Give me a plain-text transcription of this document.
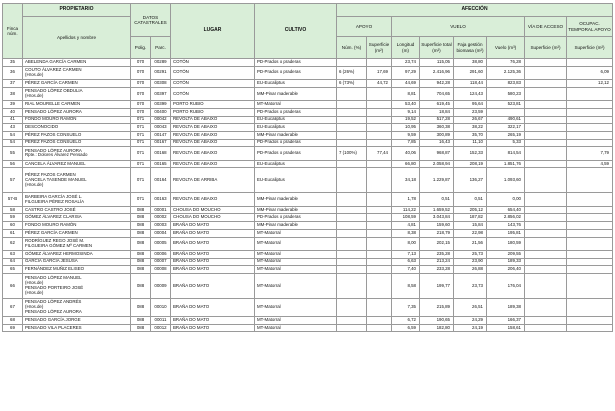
Finca núm.	PROPIETARIO	DATOS CATASTRALES		LUGAR	CULTIVO	AFECCIÓN							
	Apellidos y nombre					APOYO		VUELO				VÍA DE ACCESO	OCUPAC. TEMPORAL APOYO
		Polig.	Parc.			Núm. (%)	Superficie (m²)	Longitud (m)	Superficie total (m²)	Faja gestión biomasa (m²)	Vuelo (m³)	Superficie (m²)	Superficie (m²)
35	ABELENDA GARCÍA CARMEN	070	00289	COTÓN	PD-Prados o praderas			23,74	115,05	38,80	76,28		
36	COUTO ÁLVAREZ CARMEN
(Hros.de)	070	00291	COTÓN	PD-Prados o praderas	6 (26%)	17,69	97,29	2.416,96	291,60	2.125,36		6,09
37	PÉREZ GARCÍA CARMEN	070	00308	COTÓN	EU-Eucaliptus	6 (73%)	44,72	44,69	942,28	118,44	823,83		12,12
38	PENSADO LÓPEZ OBDULIA
(Hros.de)	070	00397	COTÓN	MM-Pinar maderable			8,81	704,65	124,43	580,23		
39	RIAL MOURELLE CARMEN	070	00399	PORTO RUBIO	MT-Matorral			53,40	619,45	95,64	523,81		
40	PENSADO LÓPEZ AURORA	070	00400	PORTO RUBIO	PD-Prados o praderas			9,14	18,84	23,59			
41	FONDO MOURO RAMÓN	071	00042	REVOLTA DE ABAIXO	EU-Eucaliptus			19,52	517,28	26,67	490,61		
43	DESCONOCIDO	071	00043	REVOLTA DE ABAIXO	EU-Eucaliptus			10,95	360,38	38,22	322,17		
54	PÉREZ PAZOS CONSUELO	071	00147	REVOLTA DE ABAIXO	MM-Pinar maderable			9,59	300,89	35,70	265,19		
54	PÉREZ PAZOS CONSUELO	071	00167	REVOLTA DE ABAIXO	PD-Prados o praderas			7,85	16,43	11,10	5,33		
55	PENSADO LÓPEZ AURORA
Rpte.: Dolores Álvarez Pensado	071	00168	REVOLTA DE ABAIXO	PD-Prados o praderas	7 (100%)	77,44	40,06	968,87	152,33	814,54		7,79
56	CANCELA ÁLVAREZ MANUEL	071	00165	REVOLTA DE ABAIXO	EU-Eucaliptus			66,80	2.058,94	208,19	1.851,76		4,59
57	PÉREZ PAZOS CARMEN
CANCELA TASENDE MANUEL
(Hros.de)	071	00164	REVOLTA DE ARRIBA	EU-Eucaliptus			34,18	1.229,87	136,27	1.093,60		
57-B	BARBEIRA GARCÍA JOSÉ L.
FILGUEIRA PÉREZ ROSALÍA	071	00163	REVOLTA DE ABAIXO	MM-Pinar maderable			1,78	0,51	0,51	0,00		
58	CASTRO CASTRO JOSÉ	088	00001	CHOUSA DO MOUCHO	MM-Pinar maderable			114,22	1.659,52	205,12	654,40		
59	GÓMEZ ÁLVAREZ CLARISA	088	00002	CHOUSA DO MOUCHO	PD-Prados o praderas			108,59	3.043,84	187,82	2.856,02		
60	FONDO MOURO RAMÓN	088	00003	BRAÑA DO MATO	MM-Pinar maderable			4,81	159,60	15,84	143,76		
61	PÉREZ GARCÍA CARMEN	088	00004	BRAÑA DO MATO	MT-Matorral			8,38	218,79	22,98	195,81		
62	RODRÍGUEZ REGO JOSÉ M.
FILGUEIRA GÓMEZ Mª CARMEN	088	00005	BRAÑA DO MATO	MT-Matorral			8,00	202,15	21,56	180,59		
63	GÓMEZ ÁLVAREZ HERMOSINDA	088	00006	BRAÑA DO MATO	MT-Matorral			7,13	235,28	25,73	209,55		
64	GARCÍA GARCÍA JESUSA	088	00007	BRAÑA DO MATO	MT-Matorral			6,63	213,24	23,90	189,33		
65	FERNÁNDEZ MUÑIZ ELISEO	088	00008	BRAÑA DO MATO	MT-Matorral			7,40	233,28	26,88	206,40		
66	PENSADO LÓPEZ MANUEL
(Hros.de)
PENSADO PORTEIRO JOSÉ
(Hros.de)	088	00009	BRAÑA DO MATO	MT-Matorral			8,58	199,77	23,73	176,04		
67	PENSADO LÓPEZ ANDRÉS
(Hros.de)
PENSADO LÓPEZ AURORA	088	00010	BRAÑA DO MATO	MT-Matorral			7,35	215,89	26,51	189,38		
68	PENSADO GARCÍA JORGE	088	00011	BRAÑA DO MATO	MT-Matorral			6,72	190,65	24,29	166,37		
69	PENSADO VILA PLACERES	088	00012	BRAÑA DO MATO	MT-Matorral			6,59	182,80	24,19	158,61		
